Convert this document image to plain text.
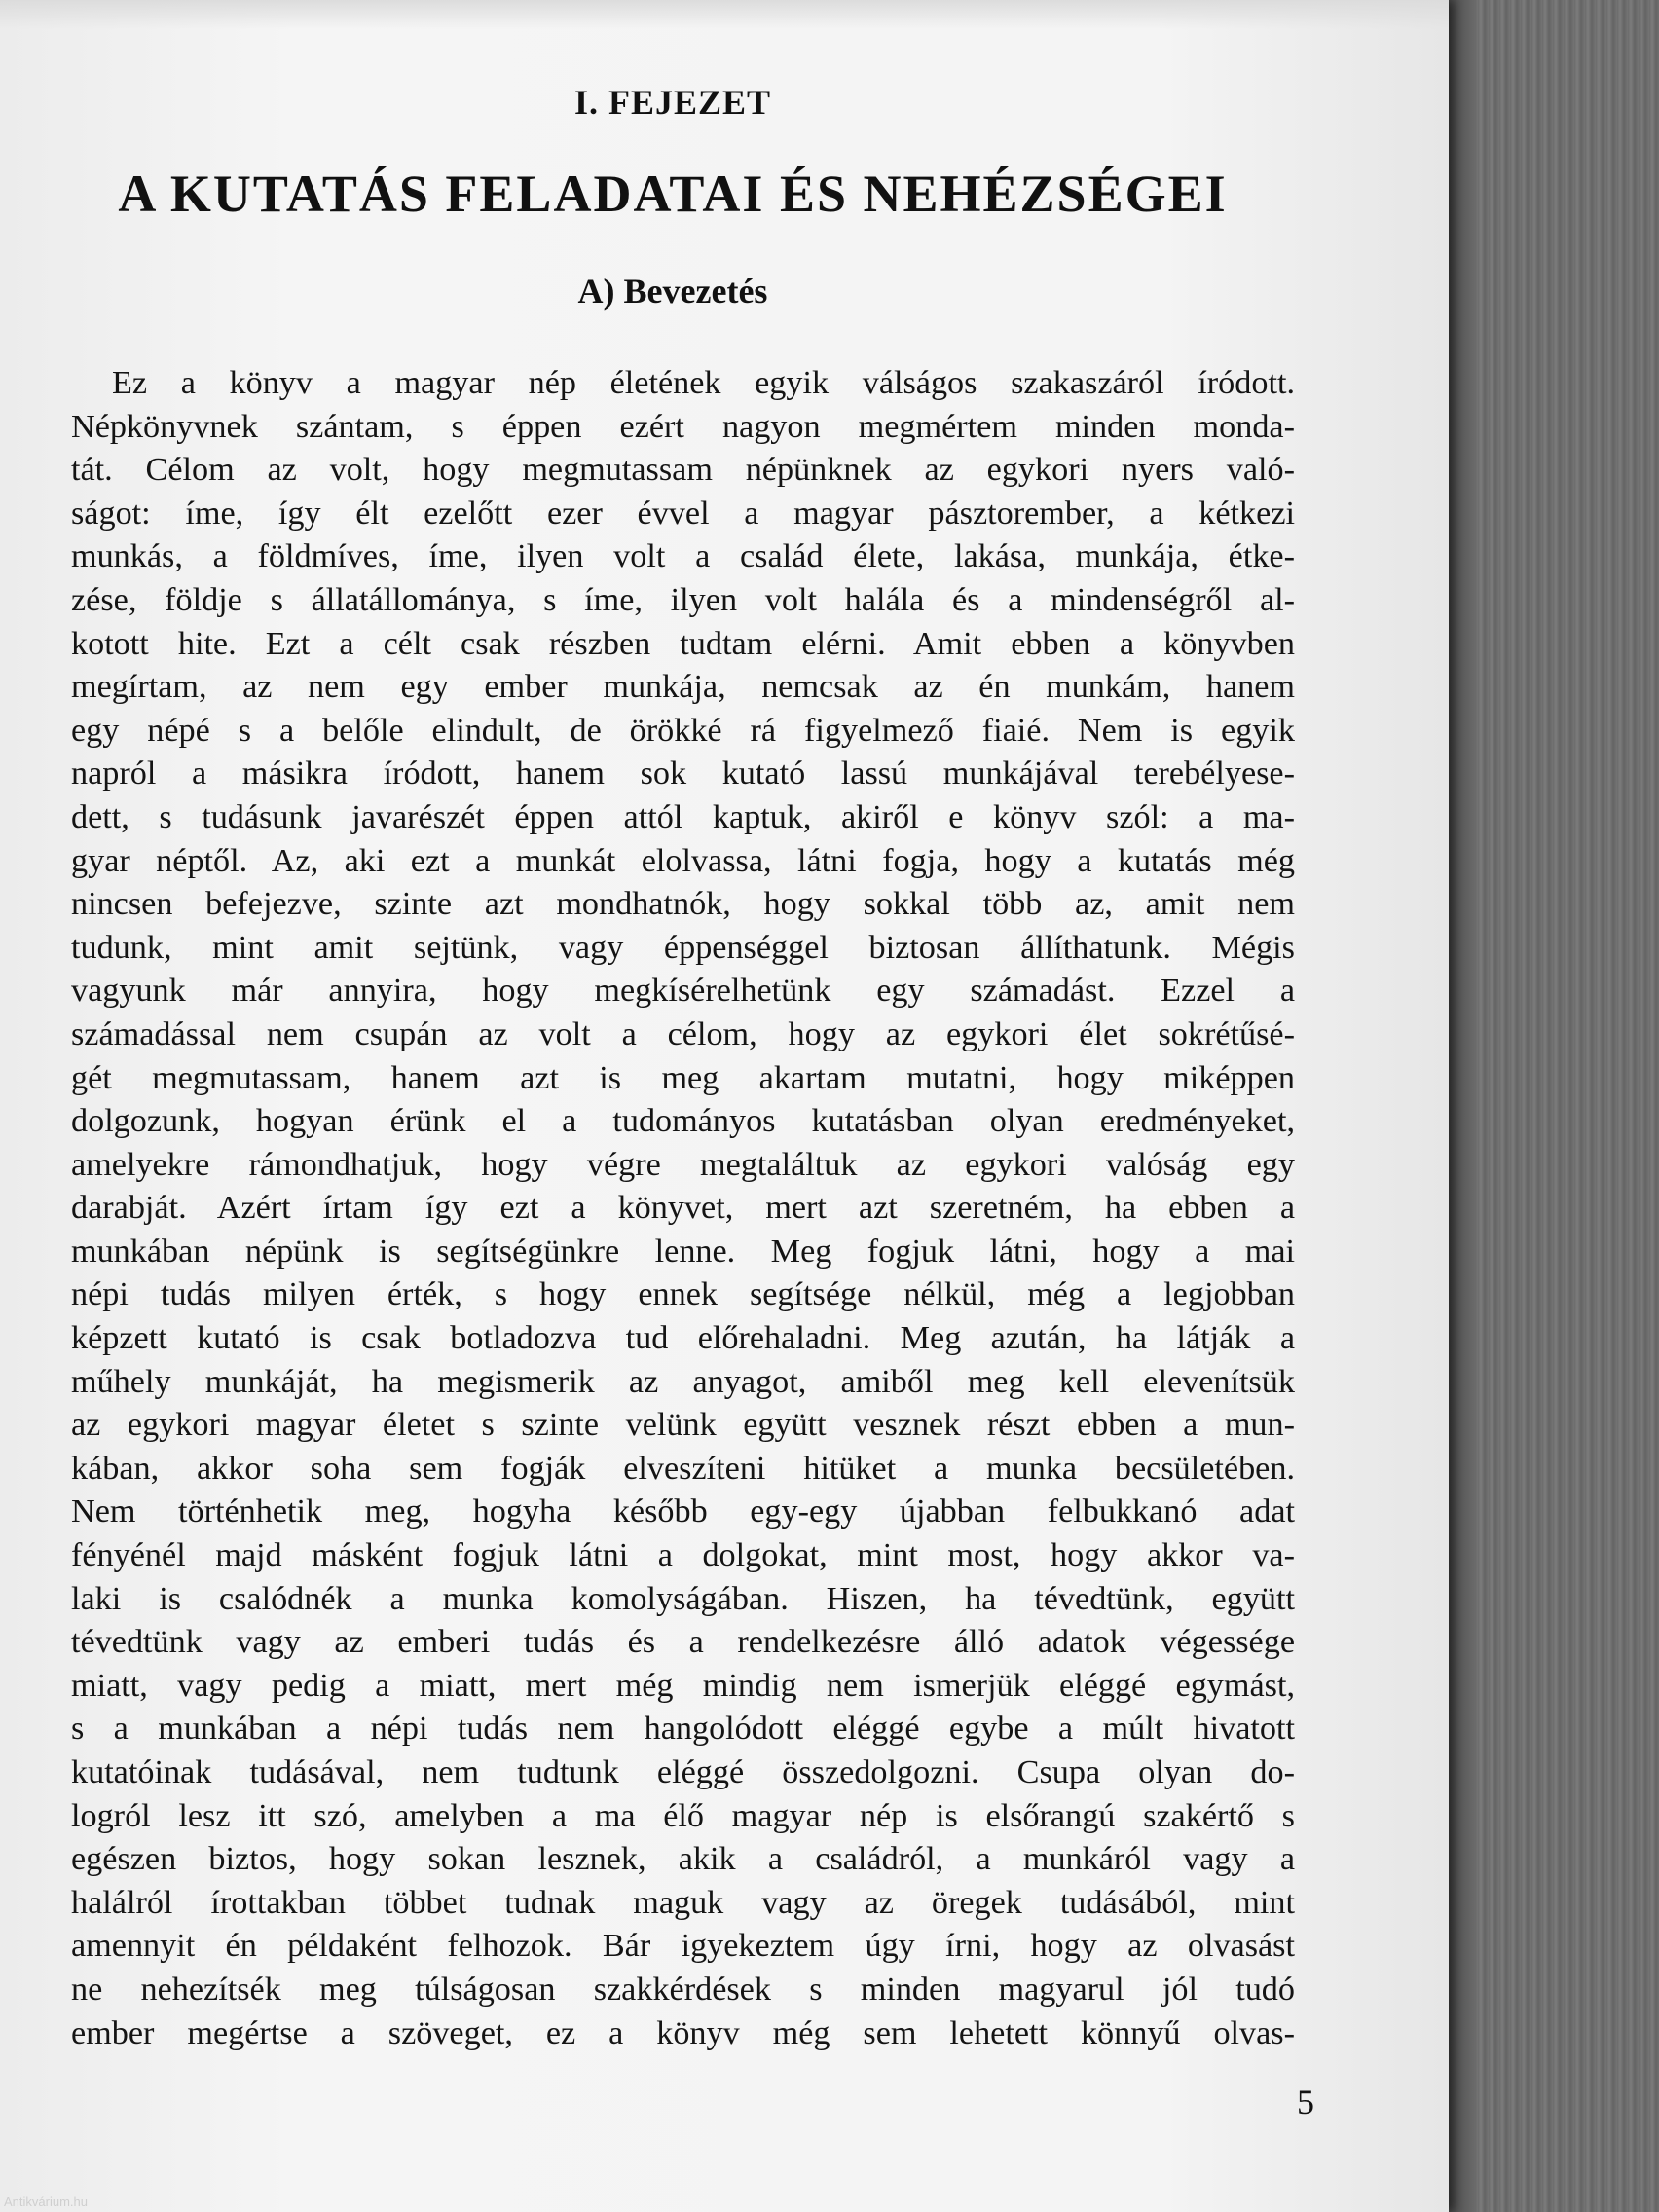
I. FEJEZET
A KUTATÁS FELADATAI ÉS NEHÉZSÉGEI
A) Bevezetés
Ez a könyv a magyar nép életének egyik válságos szakaszáról íródott.
Népkönyvnek szántam, s éppen ezért nagyon megmértem minden monda-
tát. Célom az volt, hogy megmutassam népünknek az egykori nyers való-
ságot: íme, így élt ezelőtt ezer évvel a magyar pásztorember, a kétkezi
munkás, a földmíves, íme, ilyen volt a család élete, lakása, munkája, étke-
zése, földje s állatállománya, s íme, ilyen volt halála és a mindenségről al-
kotott hite. Ezt a célt csak részben tudtam elérni. Amit ebben a könyvben
megírtam, az nem egy ember munkája, nemcsak az én munkám, hanem
egy népé s a belőle elindult, de örökké rá figyelmező fiaié. Nem is egyik
napról a másikra íródott, hanem sok kutató lassú munkájával terebélyese-
dett, s tudásunk javarészét éppen attól kaptuk, akiről e könyv szól: a ma-
gyar néptől. Az, aki ezt a munkát elolvassa, látni fogja, hogy a kutatás még
nincsen befejezve, szinte azt mondhatnók, hogy sokkal több az, amit nem
tudunk, mint amit sejtünk, vagy éppenséggel biztosan állíthatunk. Mégis
vagyunk már annyira, hogy megkísérelhetünk egy számadást. Ezzel a
számadással nem csupán az volt a célom, hogy az egykori élet sokrétűsé-
gét megmutassam, hanem azt is meg akartam mutatni, hogy miképpen
dolgozunk, hogyan érünk el a tudományos kutatásban olyan eredményeket,
amelyekre rámondhatjuk, hogy végre megtaláltuk az egykori valóság egy
darabját. Azért írtam így ezt a könyvet, mert azt szeretném, ha ebben a
munkában népünk is segítségünkre lenne. Meg fogjuk látni, hogy a mai
népi tudás milyen érték, s hogy ennek segítsége nélkül, még a legjobban
képzett kutató is csak botladozva tud előrehaladni. Meg azután, ha látják a
műhely munkáját, ha megismerik az anyagot, amiből meg kell elevenítsük
az egykori magyar életet s szinte velünk együtt vesznek részt ebben a mun-
kában, akkor soha sem fogják elveszíteni hitüket a munka becsületében.
Nem történhetik meg, hogyha később egy-egy újabban felbukkanó adat
fényénél majd másként fogjuk látni a dolgokat, mint most, hogy akkor va-
laki is csalódnék a munka komolyságában. Hiszen, ha tévedtünk, együtt
tévedtünk vagy az emberi tudás és a rendelkezésre álló adatok végessége
miatt, vagy pedig a miatt, mert még mindig nem ismerjük eléggé egymást,
s a munkában a népi tudás nem hangolódott eléggé egybe a múlt hivatott
kutatóinak tudásával, nem tudtunk eléggé összedolgozni. Csupa olyan do-
logról lesz itt szó, amelyben a ma élő magyar nép is elsőrangú szakértő s
egészen biztos, hogy sokan lesznek, akik a családról, a munkáról vagy a
halálról írottakban többet tudnak maguk vagy az öregek tudásából, mint
amennyit én példaként felhozok. Bár igyekeztem úgy írni, hogy az olvasást
ne nehezítsék meg túlságosan szakkérdések s minden magyarul jól tudó
ember megértse a szöveget, ez a könyv még sem lehetett könnyű olvas-
5
Antikvárium.hu
